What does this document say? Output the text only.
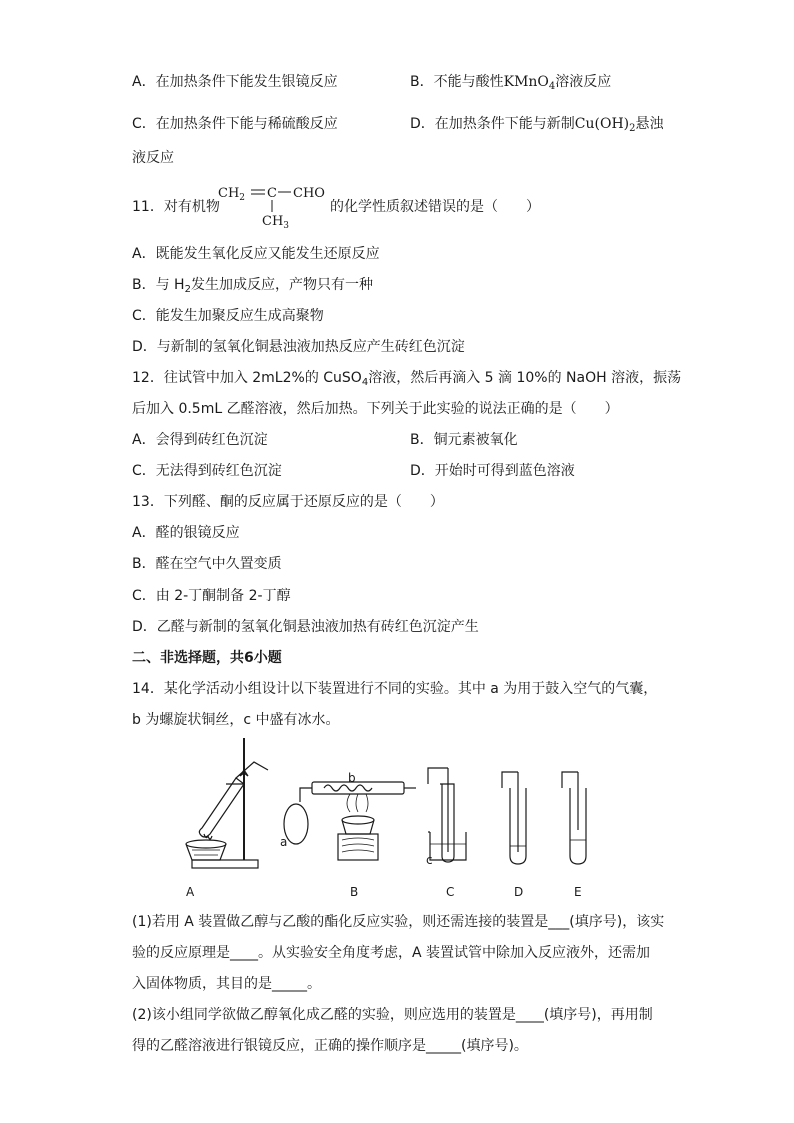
A．在加热条件下能发生银镜反应	B．不能与酸性KMnO$_4$溶液反应
C．在加热条件下能与稀硫酸反应	D．在加热条件下能与新制$Cu(OH)_2$悬浊
液反应
11．对有机物
$CH_2$ C CHO
$CH_3$
的化学性质叙述错误的是（　　）
A．既能发生氧化反应又能发生还原反应
B．与 $H_2$发生加成反应，产物只有一种
C．能发生加聚反应生成高聚物
D．与新制的氢氧化铜悬浊液加热反应产生砖红色沉淀
12．往试管中加入 2mL2%的 CuSO$_4$溶液，然后再滴入 5 滴 10%的 NaOH 溶液，振荡
后加入 0.5mL 乙醛溶液，然后加热。下列关于此实验的说法正确的是（　　）
A．会得到砖红色沉淀	B．铜元素被氧化
C．无法得到砖红色沉淀	D．开始时可得到蓝色溶液
13．下列醛、酮的反应属于还原反应的是（　　）
A．醛的银镜反应
B．醛在空气中久置变质
C．由 2-丁酮制备 2-丁醇
D．乙醛与新制的氢氧化铜悬浊液加热有砖红色沉淀产生
二、非选择题，共6小题
14．某化学活动小组设计以下装置进行不同的实验。其中 a 为用于鼓入空气的气囊，
b 为螺旋状铜丝，c 中盛有冰水。
A	B	C	D	E
a
b
c
(1)若用 A 装置做乙醇与乙酸的酯化反应实验，则还需连接的装置是___(填序号)，该实
验的反应原理是____。从实验安全角度考虑，A 装置试管中除加入反应液外，还需加
入固体物质，其目的是_____。
(2)该小组同学欲做乙醇氧化成乙醛的实验，则应选用的装置是____(填序号)，再用制
得的乙醛溶液进行银镜反应，正确的操作顺序是_____(填序号)。
